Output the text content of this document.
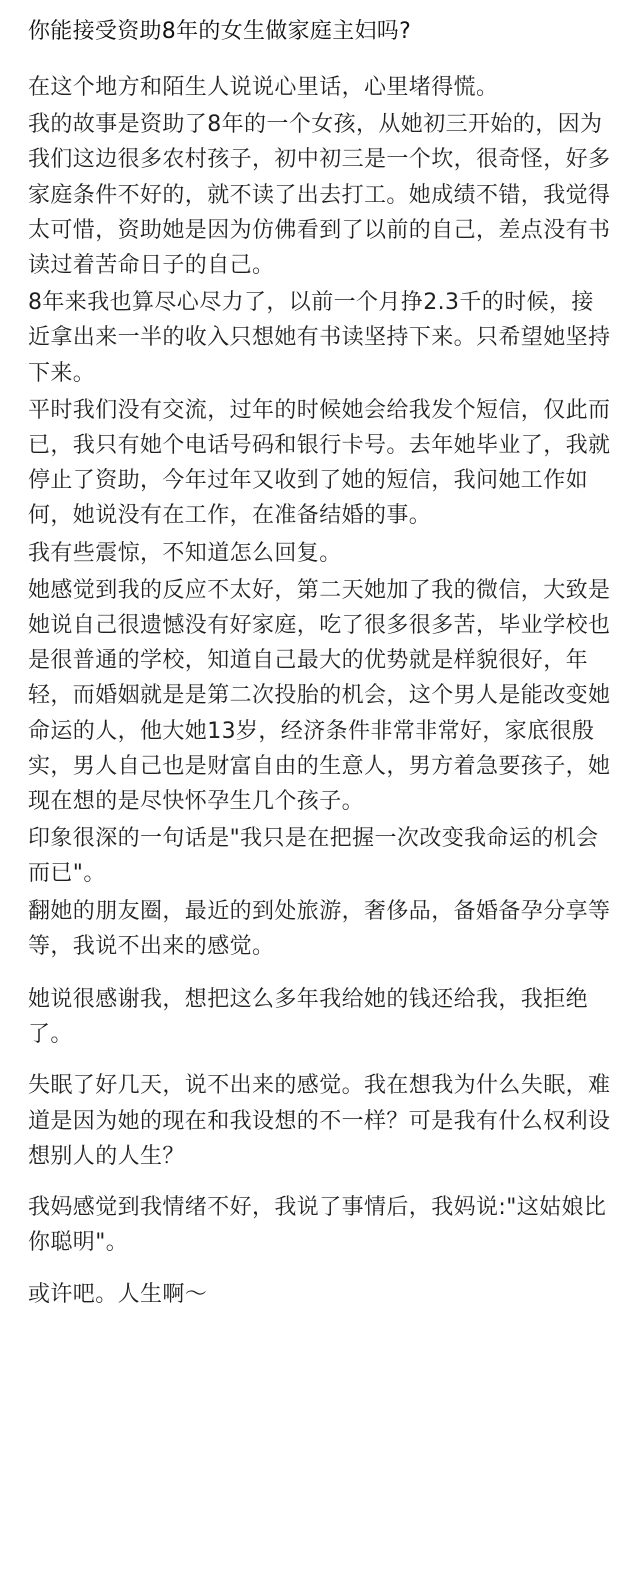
你能接受资助8年的女生做家庭主妇吗?

在这个地方和陌生人说说心里话，心里堵得慌。

我的故事是资助了8年的一个女孩，从她初三开始的，因为我们这边很多农村孩子，初中初三是一个坎，很奇怪，好多家庭条件不好的，就不读了出去打工。她成绩不错，我觉得太可惜，资助她是因为仿佛看到了以前的自己，差点没有书读过着苦命日子的自己。

8年来我也算尽心尽力了，以前一个月挣2.3千的时候，接近拿出来一半的收入只想她有书读坚持下来。只希望她坚持下来。

平时我们没有交流，过年的时候她会给我发个短信，仅此而已，我只有她个电话号码和银行卡号。去年她毕业了，我就停止了资助，今年过年又收到了她的短信，我问她工作如何，她说没有在工作，在准备结婚的事。

我有些震惊，不知道怎么回复。

她感觉到我的反应不太好，第二天她加了我的微信，大致是她说自己很遗憾没有好家庭，吃了很多很多苦，毕业学校也是很普通的学校，知道自己最大的优势就是样貌很好，年轻，而婚姻就是是第二次投胎的机会，这个男人是能改变她命运的人，他大她13岁，经济条件非常非常好，家底很殷实，男人自己也是财富自由的生意人，男方着急要孩子，她现在想的是尽快怀孕生几个孩子。

印象很深的一句话是"我只是在把握一次改变我命运的机会而已"。

翻她的朋友圈，最近的到处旅游，奢侈品，备婚备孕分享等等，我说不出来的感觉。

她说很感谢我，想把这么多年我给她的钱还给我，我拒绝了。

失眠了好几天，说不出来的感觉。我在想我为什么失眠，难道是因为她的现在和我设想的不一样？可是我有什么权利设想别人的人生？

我妈感觉到我情绪不好，我说了事情后，我妈说:"这姑娘比你聪明"。

或许吧。人生啊～
